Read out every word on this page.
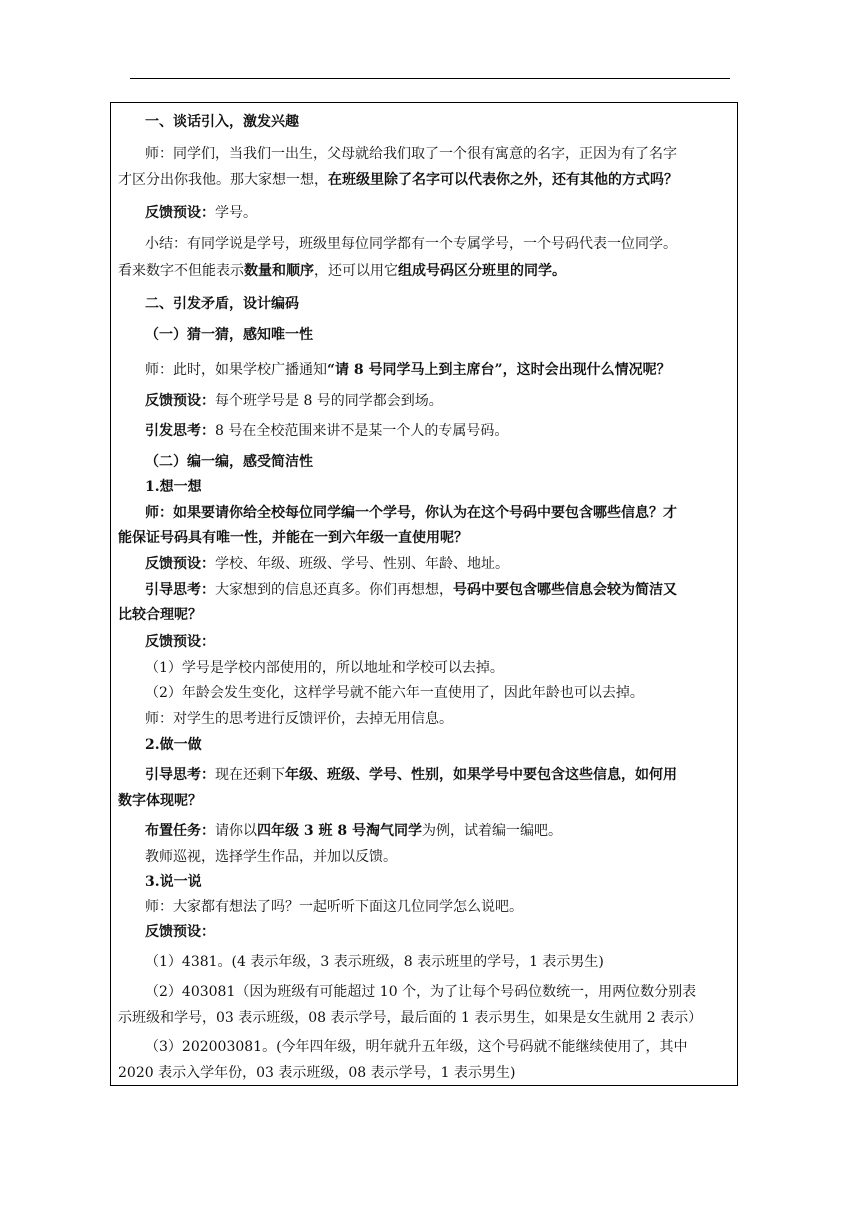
一、谈话引入，激发兴趣
师：同学们，当我们一出生，父母就给我们取了一个很有寓意的名字，正因为有了名字
才区分出你我他。那大家想一想，在班级里除了名字可以代表你之外，还有其他的方式吗？
反馈预设：学号。
小结：有同学说是学号，班级里每位同学都有一个专属学号，一个号码代表一位同学。
看来数字不但能表示数量和顺序，还可以用它组成号码区分班里的同学。
二、引发矛盾，设计编码
（一）猜一猜，感知唯一性
师：此时，如果学校广播通知“请 8 号同学马上到主席台”，这时会出现什么情况呢？
反馈预设：每个班学号是 8 号的同学都会到场。
引发思考：8 号在全校范围来讲不是某一个人的专属号码。
（二）编一编，感受简洁性
1.想一想
师：如果要请你给全校每位同学编一个学号，你认为在这个号码中要包含哪些信息？才
能保证号码具有唯一性，并能在一到六年级一直使用呢？
反馈预设：学校、年级、班级、学号、性别、年龄、地址。
引导思考：大家想到的信息还真多。你们再想想，号码中要包含哪些信息会较为简洁又
比较合理呢？
反馈预设：
（1）学号是学校内部使用的，所以地址和学校可以去掉。
（2）年龄会发生变化，这样学号就不能六年一直使用了，因此年龄也可以去掉。
师：对学生的思考进行反馈评价，去掉无用信息。
2.做一做
引导思考：现在还剩下年级、班级、学号、性别，如果学号中要包含这些信息，如何用
数字体现呢？
布置任务：请你以四年级 3 班 8 号淘气同学为例，试着编一编吧。
教师巡视，选择学生作品，并加以反馈。
3.说一说
师：大家都有想法了吗？一起听听下面这几位同学怎么说吧。
反馈预设：
（1）4381。(4 表示年级，3 表示班级，8 表示班里的学号，1 表示男生)
（2）403081（因为班级有可能超过 10 个，为了让每个号码位数统一，用两位数分别表
示班级和学号，03 表示班级，08 表示学号，最后面的 1 表示男生，如果是女生就用 2 表示）
（3）202003081。(今年四年级，明年就升五年级，这个号码就不能继续使用了，其中
2020 表示入学年份，03 表示班级，08 表示学号，1 表示男生)
